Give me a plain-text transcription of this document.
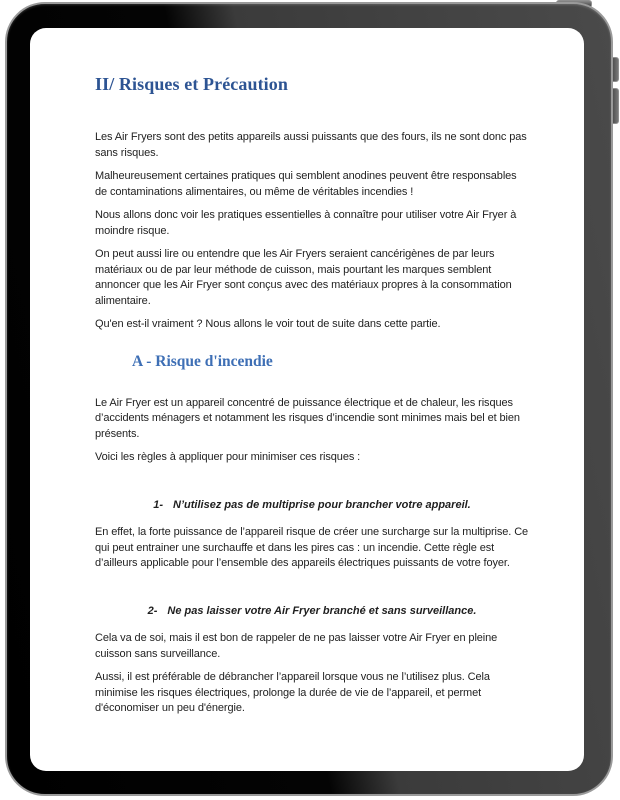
II/ Risques et Précaution

Les Air Fryers sont des petits appareils aussi puissants que des fours, ils ne sont donc pas sans risques.

Malheureusement certaines pratiques qui semblent anodines peuvent être responsables de contaminations alimentaires, ou même de véritables incendies !

Nous allons donc voir les pratiques essentielles à connaître pour utiliser votre Air Fryer à moindre risque.

On peut aussi lire ou entendre que les Air Fryers seraient cancérigènes de par leurs matériaux ou de par leur méthode de cuisson, mais pourtant les marques semblent annoncer que les Air Fryer sont conçus avec des matériaux propres à la consommation alimentaire.

Qu'en est-il vraiment ? Nous allons le voir tout de suite dans cette partie.

A - Risque d'incendie

Le Air Fryer est un appareil concentré de puissance électrique et de chaleur, les risques d’accidents ménagers et notamment les risques d’incendie sont minimes mais bel et bien présents.

Voici les règles à appliquer pour minimiser ces risques :

1- N’utilisez pas de multiprise pour brancher votre appareil.

En effet, la forte puissance de l’appareil risque de créer une surcharge sur la multiprise. Ce qui peut entrainer une surchauffe et dans les pires cas : un incendie. Cette règle est d’ailleurs applicable pour l’ensemble des appareils électriques puissants de votre foyer.

2- Ne pas laisser votre Air Fryer branché et sans surveillance.

Cela va de soi, mais il est bon de rappeler de ne pas laisser votre Air Fryer en pleine cuisson sans surveillance.

Aussi, il est préférable de débrancher l’appareil lorsque vous ne l’utilisez plus. Cela minimise les risques électriques, prolonge la durée de vie de l’appareil, et permet d'économiser un peu d'énergie.
